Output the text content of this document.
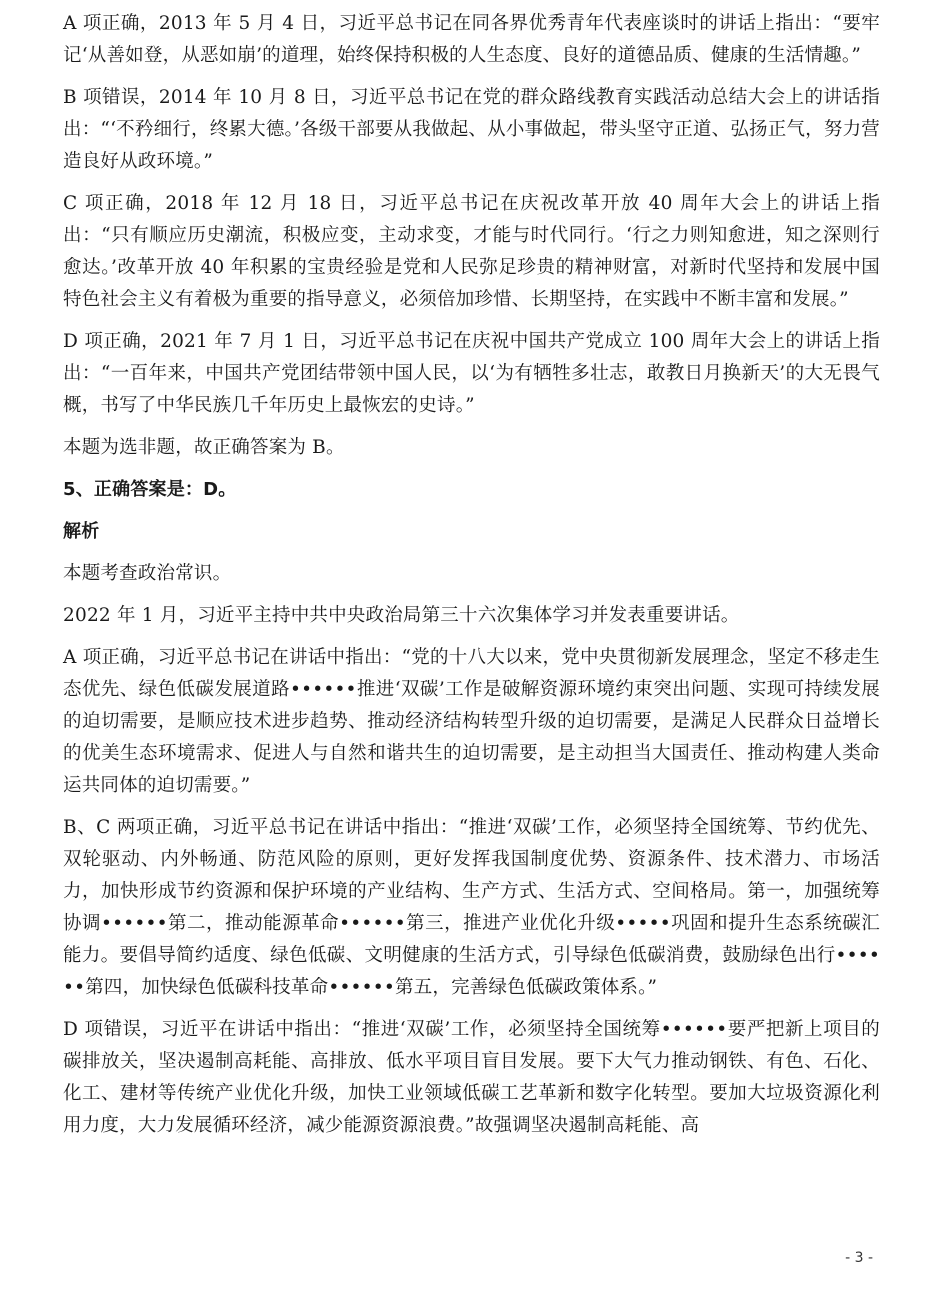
A 项正确，2013 年 5 月 4 日，习近平总书记在同各界优秀青年代表座谈时的讲话上指出：“要牢记‘从善如登，从恶如崩’的道理，始终保持积极的人生态度、良好的道德品质、健康的生活情趣。”

B 项错误，2014 年 10 月 8 日，习近平总书记在党的群众路线教育实践活动总结大会上的讲话指出：“‘不矜细行，终累大德。’各级干部要从我做起、从小事做起，带头坚守正道、弘扬正气，努力营造良好从政环境。”

C 项正确，2018 年 12 月 18 日，习近平总书记在庆祝改革开放 40 周年大会上的讲话上指出：“只有顺应历史潮流，积极应变，主动求变，才能与时代同行。‘行之力则知愈进，知之深则行愈达。’改革开放 40 年积累的宝贵经验是党和人民弥足珍贵的精神财富，对新时代坚持和发展中国特色社会主义有着极为重要的指导意义，必须倍加珍惜、长期坚持，在实践中不断丰富和发展。”

D 项正确，2021 年 7 月 1 日，习近平总书记在庆祝中国共产党成立 100 周年大会上的讲话上指出：“一百年来，中国共产党团结带领中国人民，以‘为有牺牲多壮志，敢教日月换新天’的大无畏气概，书写了中华民族几千年历史上最恢宏的史诗。”

本题为选非题，故正确答案为 B。

5、正确答案是：D。

解析

本题考查政治常识。

2022 年 1 月，习近平主持中共中央政治局第三十六次集体学习并发表重要讲话。

A 项正确，习近平总书记在讲话中指出：“党的十八大以来，党中央贯彻新发展理念，坚定不移走生态优先、绿色低碳发展道路••••••推进‘双碳’工作是破解资源环境约束突出问题、实现可持续发展的迫切需要，是顺应技术进步趋势、推动经济结构转型升级的迫切需要，是满足人民群众日益增长的优美生态环境需求、促进人与自然和谐共生的迫切需要，是主动担当大国责任、推动构建人类命运共同体的迫切需要。”

B、C 两项正确，习近平总书记在讲话中指出：“推进‘双碳’工作，必须坚持全国统筹、节约优先、双轮驱动、内外畅通、防范风险的原则，更好发挥我国制度优势、资源条件、技术潜力、市场活力，加快形成节约资源和保护环境的产业结构、生产方式、生活方式、空间格局。第一，加强统筹协调••••••第二，推动能源革命••••••第三，推进产业优化升级•••••巩固和提升生态系统碳汇能力。要倡导简约适度、绿色低碳、文明健康的生活方式，引导绿色低碳消费，鼓励绿色出行••••••第四，加快绿色低碳科技革命••••••第五，完善绿色低碳政策体系。”

D 项错误，习近平在讲话中指出：“推进‘双碳’工作，必须坚持全国统筹••••••要严把新上项目的碳排放关，坚决遏制高耗能、高排放、低水平项目盲目发展。要下大气力推动钢铁、有色、石化、化工、建材等传统产业优化升级，加快工业领域低碳工艺革新和数字化转型。要加大垃圾资源化利用力度，大力发展循环经济，减少能源资源浪费。”故强调坚决遏制高耗能、高

- 3 -
